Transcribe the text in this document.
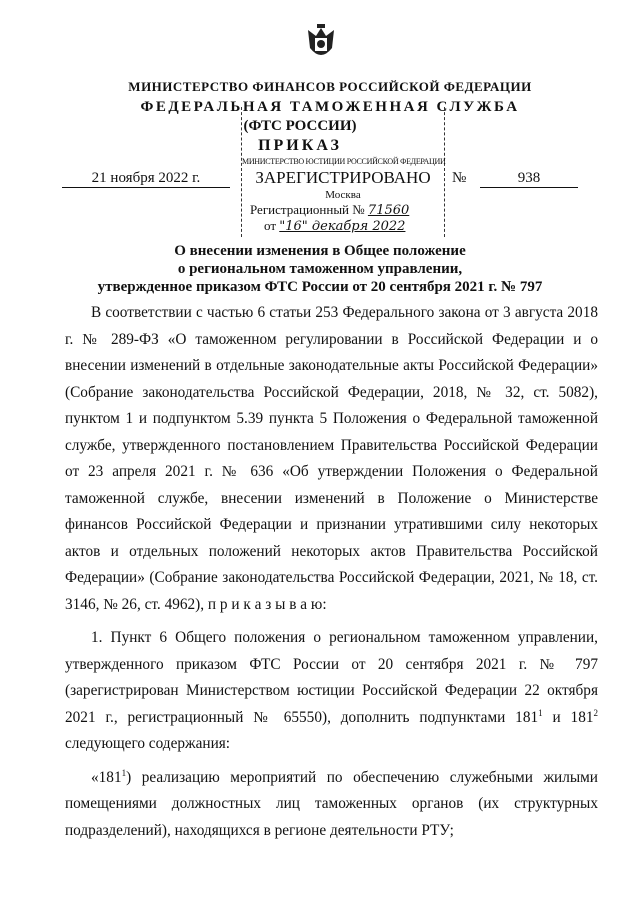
МИНИСТЕРСТВО ФИНАНСОВ РОССИЙСКОЙ ФЕДЕРАЦИИ
ФЕДЕРАЛЬНАЯ ТАМОЖЕННАЯ СЛУЖБА
(ФТС РОССИИ)
ПРИКАЗ
21 ноября 2022 г.	№	938
МИНИСТЕРСТВО ЮСТИЦИИ РОССИЙСКОЙ ФЕДЕРАЦИИ
ЗАРЕГИСТРИРОВАНО
Москва
Регистрационный № 71560
от "16" декабря 2022
О внесении изменения в Общее положение
о региональном таможенном управлении,
утвержденное приказом ФТС России от 20 сентября 2021 г. № 797

В соответствии с частью 6 статьи 253 Федерального закона от 3 августа 2018 г. № 289-ФЗ «О таможенном регулировании в Российской Федерации и о внесении изменений в отдельные законодательные акты Российской Федерации» (Собрание законодательства Российской Федерации, 2018, № 32, ст. 5082), пунктом 1 и подпунктом 5.39 пункта 5 Положения о Федеральной таможенной службе, утвержденного постановлением Правительства Российской Федерации от 23 апреля 2021 г. № 636 «Об утверждении Положения о Федеральной таможенной службе, внесении изменений в Положение о Министерстве финансов Российской Федерации и признании утратившими силу некоторых актов и отдельных положений некоторых актов Правительства Российской Федерации» (Собрание законодательства Российской Федерации, 2021, № 18, ст. 3146, № 26, ст. 4962), п р и к а з ы в а ю:

1. Пункт 6 Общего положения о региональном таможенном управлении, утвержденного приказом ФТС России от 20 сентября 2021 г. № 797 (зарегистрирован Министерством юстиции Российской Федерации 22 октября 2021 г., регистрационный № 65550), дополнить подпунктами $181^1$ и $181^2$ следующего содержания:

«$181^1$) реализацию мероприятий по обеспечению служебными жилыми помещениями должностных лиц таможенных органов (их структурных подразделений), находящихся в регионе деятельности РТУ;
